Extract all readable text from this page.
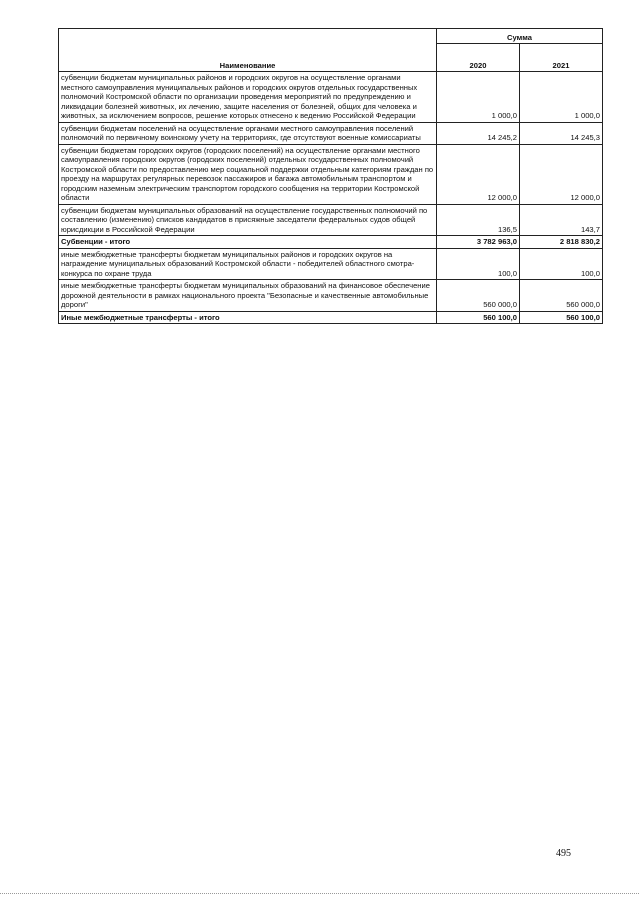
Наименование	Сумма	
	2020	2021
субвенции бюджетам муниципальных районов и городских округов на осуществление органами местного самоуправления муниципальных районов и городских округов отдельных государственных полномочий Костромской области по организации проведения мероприятий по предупреждению и ликвидации болезней животных, их лечению, защите населения от болезней, общих для человека и животных, за исключением вопросов, решение которых отнесено к ведению Российской Федерации	1 000,0	1 000,0
субвенции бюджетам поселений на осуществление органами местного самоуправления поселений полномочий по первичному воинскому учету на территориях, где отсутствуют военные комиссариаты	14 245,2	14 245,3
субвенции бюджетам городских округов (городских поселений) на осуществление органами местного самоуправления городских округов (городских поселений) отдельных государственных полномочий Костромской области по предоставлению мер социальной поддержки отдельным категориям граждан по проезду на маршрутах регулярных перевозок пассажиров и багажа автомобильным транспортом и городским наземным электрическим транспортом городского сообщения на территории Костромской области	12 000,0	12 000,0
субвенции бюджетам муниципальных образований на осуществление государственных полномочий по составлению (изменению) списков кандидатов в присяжные заседатели федеральных судов общей юрисдикции в Российской Федерации	136,5	143,7
Субвенции - итого	3 782 963,0	2 818 830,2
иные межбюджетные трансферты бюджетам муниципальных районов и городских округов на награждение муниципальных образований Костромской области - победителей областного смотра-конкурса по охране труда	100,0	100,0
иные межбюджетные трансферты бюджетам муниципальных образований на финансовое обеспечение дорожной деятельности в рамках национального проекта "Безопасные и качественные автомобильные дороги"	560 000,0	560 000,0
Иные межбюджетные трансферты - итого	560 100,0	560 100,0
495
